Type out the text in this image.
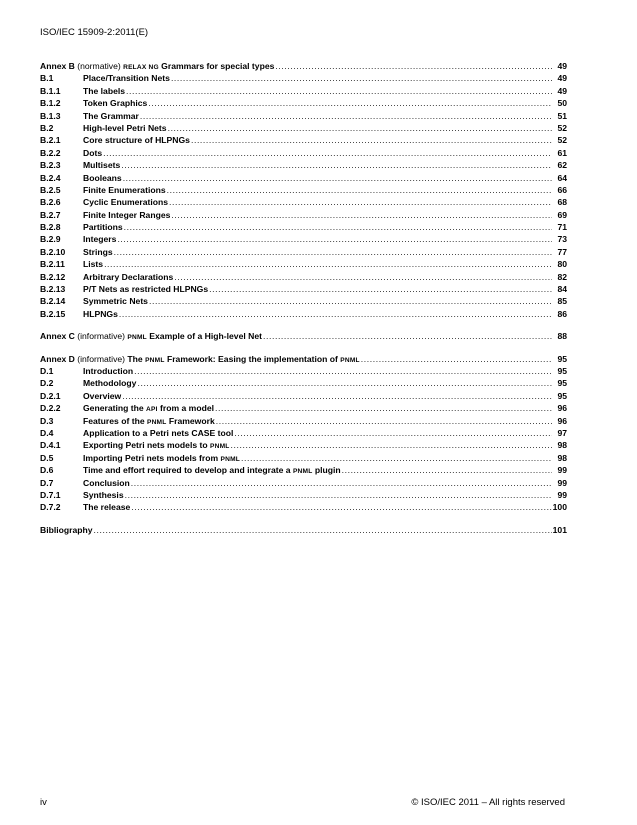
ISO/IEC 15909-2:2011(E)
Annex B (normative) RELAX NG Grammars for special types .....	49
B.1	Place/Transition Nets .....	49
B.1.1	The labels .....	49
B.1.2	Token Graphics .....	50
B.1.3	The Grammar .....	51
B.2	High-level Petri Nets .....	52
B.2.1	Core structure of HLPNGs .....	52
B.2.2	Dots .....	61
B.2.3	Multisets .....	62
B.2.4	Booleans .....	64
B.2.5	Finite Enumerations .....	66
B.2.6	Cyclic Enumerations .....	68
B.2.7	Finite Integer Ranges .....	69
B.2.8	Partitions .....	71
B.2.9	Integers .....	73
B.2.10	Strings .....	77
B.2.11	Lists .....	80
B.2.12	Arbitrary Declarations .....	82
B.2.13	P/T Nets as restricted HLPNGs .....	84
B.2.14	Symmetric Nets .....	85
B.2.15	HLPNGs .....	86
Annex C (informative) PNML Example of a High-level Net .....	88
Annex D (informative) The PNML Framework: Easing the implementation of PNML .....	95
D.1	Introduction .....	95
D.2	Methodology .....	95
D.2.1	Overview .....	95
D.2.2	Generating the API from a model .....	96
D.3	Features of the PNML Framework .....	96
D.4	Application to a Petri nets CASE tool .....	97
D.4.1	Exporting Petri nets models to PNML .....	98
D.5	Importing Petri nets models from PNML .....	98
D.6	Time and effort required to develop and integrate a PNML plugin .....	99
D.7	Conclusion .....	99
D.7.1	Synthesis .....	99
D.7.2	The release .....	100
Bibliography .....	101
iv	© ISO/IEC 2011 – All rights reserved
